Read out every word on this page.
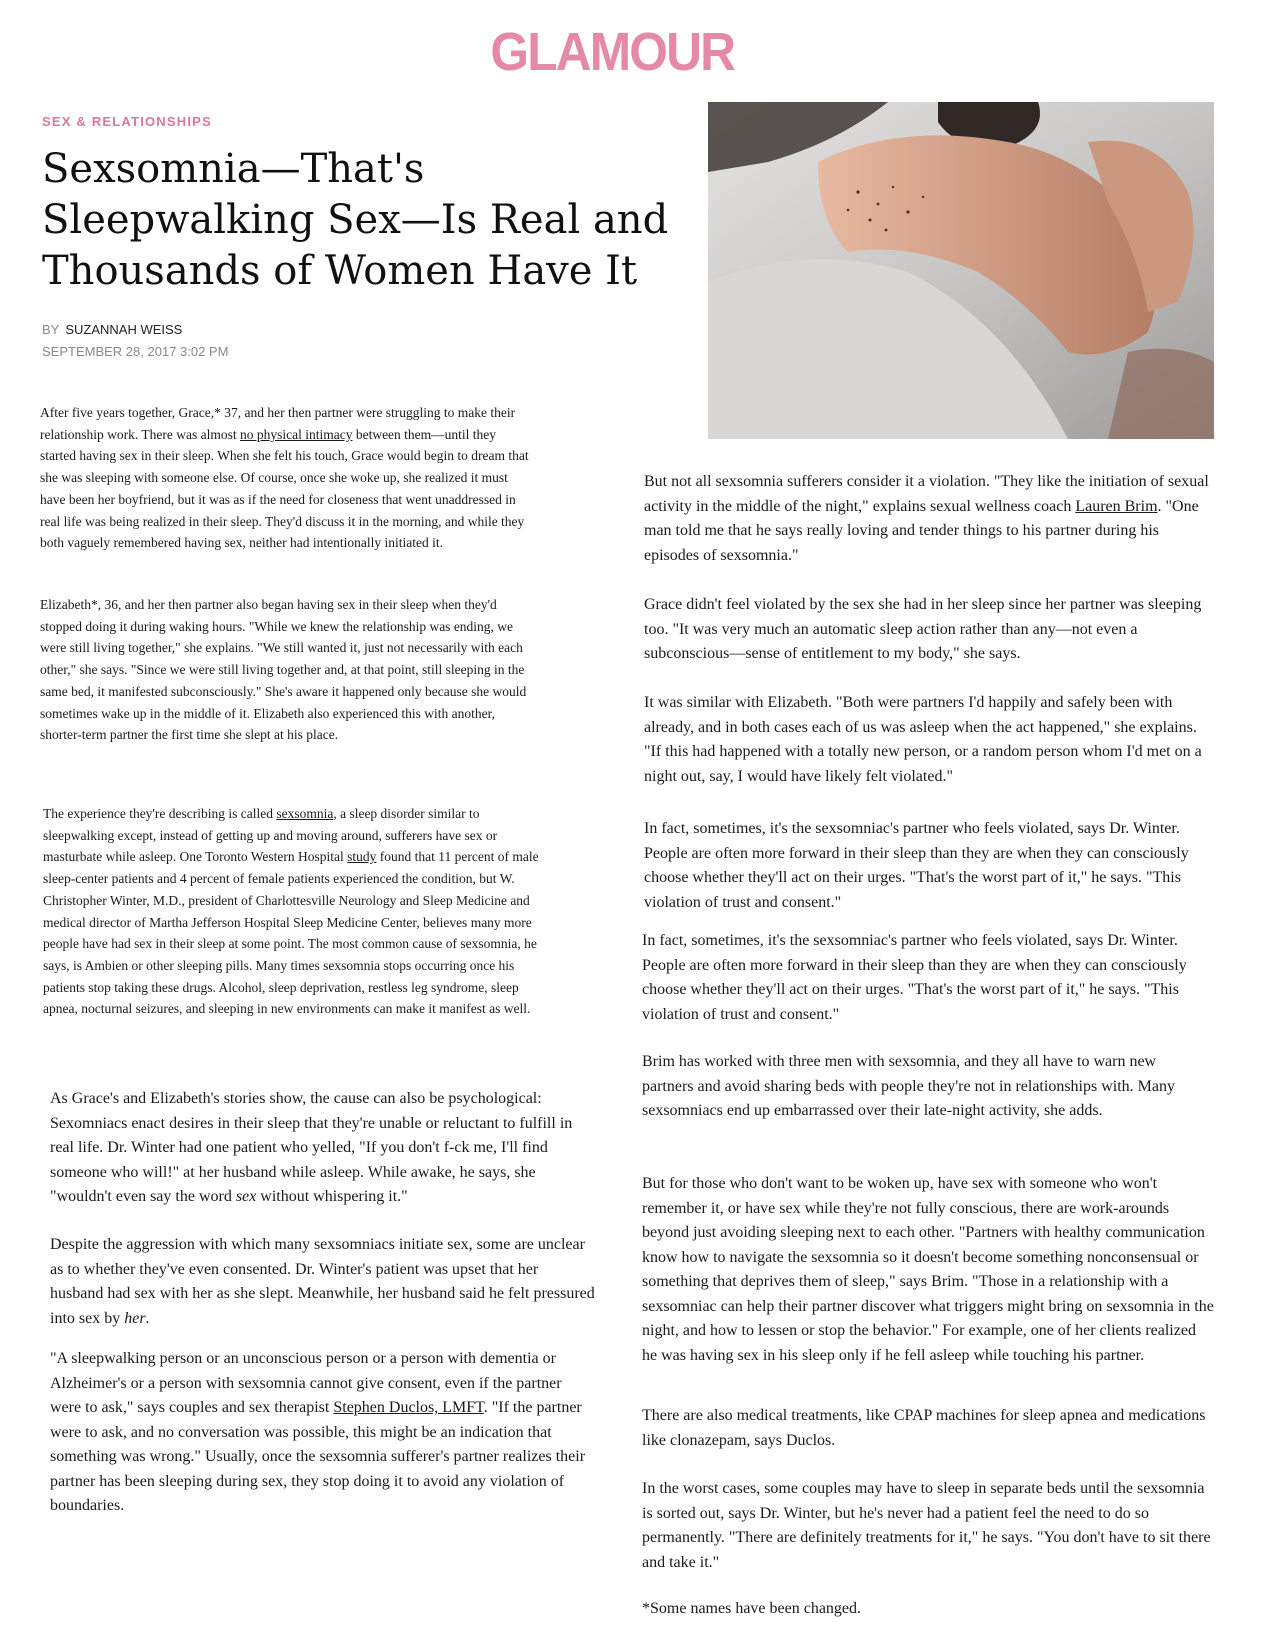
GLAMOUR
SEX & RELATIONSHIPS
Sexsomnia—That's Sleepwalking Sex—Is Real and Thousands of Women Have It
BY SUZANNAH WEISS
SEPTEMBER 28, 2017 3:02 PM

After five years together, Grace,* 37, and her then partner were struggling to make their relationship work. There was almost no physical intimacy between them—until they started having sex in their sleep. When she felt his touch, Grace would begin to dream that she was sleeping with someone else. Of course, once she woke up, she realized it must have been her boyfriend, but it was as if the need for closeness that went unaddressed in real life was being realized in their sleep. They'd discuss it in the morning, and while they both vaguely remembered having sex, neither had intentionally initiated it.

Elizabeth*, 36, and her then partner also began having sex in their sleep when they'd stopped doing it during waking hours. "While we knew the relationship was ending, we were still living together," she explains. "We still wanted it, just not necessarily with each other," she says. "Since we were still living together and, at that point, still sleeping in the same bed, it manifested subconsciously." She's aware it happened only because she would sometimes wake up in the middle of it. Elizabeth also experienced this with another, shorter-term partner the first time she slept at his place.

The experience they're describing is called sexsomnia, a sleep disorder similar to sleepwalking except, instead of getting up and moving around, sufferers have sex or masturbate while asleep. One Toronto Western Hospital study found that 11 percent of male sleep-center patients and 4 percent of female patients experienced the condition, but W. Christopher Winter, M.D., president of Charlottesville Neurology and Sleep Medicine and medical director of Martha Jefferson Hospital Sleep Medicine Center, believes many more people have had sex in their sleep at some point. The most common cause of sexsomnia, he says, is Ambien or other sleeping pills. Many times sexsomnia stops occurring once his patients stop taking these drugs. Alcohol, sleep deprivation, restless leg syndrome, sleep apnea, nocturnal seizures, and sleeping in new environments can make it manifest as well.

As Grace's and Elizabeth's stories show, the cause can also be psychological: Sexomniacs enact desires in their sleep that they're unable or reluctant to fulfill in real life. Dr. Winter had one patient who yelled, "If you don't f-ck me, I'll find someone who will!" at her husband while asleep. While awake, he says, she "wouldn't even say the word sex without whispering it."

Despite the aggression with which many sexsomniacs initiate sex, some are unclear as to whether they've even consented. Dr. Winter's patient was upset that her husband had sex with her as she slept. Meanwhile, her husband said he felt pressured into sex by her.

"A sleepwalking person or an unconscious person or a person with dementia or Alzheimer's or a person with sexsomnia cannot give consent, even if the partner were to ask," says couples and sex therapist Stephen Duclos, LMFT. "If the partner were to ask, and no conversation was possible, this might be an indication that something was wrong." Usually, once the sexsomnia sufferer's partner realizes their partner has been sleeping during sex, they stop doing it to avoid any violation of boundaries.

But not all sexsomnia sufferers consider it a violation. "They like the initiation of sexual activity in the middle of the night," explains sexual wellness coach Lauren Brim. "One man told me that he says really loving and tender things to his partner during his episodes of sexsomnia."

Grace didn't feel violated by the sex she had in her sleep since her partner was sleeping too. "It was very much an automatic sleep action rather than any—not even a subconscious—sense of entitlement to my body," she says.

It was similar with Elizabeth. "Both were partners I'd happily and safely been with already, and in both cases each of us was asleep when the act happened," she explains. "If this had happened with a totally new person, or a random person whom I'd met on a night out, say, I would have likely felt violated."

In fact, sometimes, it's the sexsomniac's partner who feels violated, says Dr. Winter. People are often more forward in their sleep than they are when they can consciously choose whether they'll act on their urges. "That's the worst part of it," he says. "This violation of trust and consent."

In fact, sometimes, it's the sexsomniac's partner who feels violated, says Dr. Winter. People are often more forward in their sleep than they are when they can consciously choose whether they'll act on their urges. "That's the worst part of it," he says. "This violation of trust and consent."

Brim has worked with three men with sexsomnia, and they all have to warn new partners and avoid sharing beds with people they're not in relationships with. Many sexsomniacs end up embarrassed over their late-night activity, she adds.

But for those who don't want to be woken up, have sex with someone who won't remember it, or have sex while they're not fully conscious, there are work-arounds beyond just avoiding sleeping next to each other. "Partners with healthy communication know how to navigate the sexsomnia so it doesn't become something nonconsensual or something that deprives them of sleep," says Brim. "Those in a relationship with a sexsomniac can help their partner discover what triggers might bring on sexsomnia in the night, and how to lessen or stop the behavior." For example, one of her clients realized he was having sex in his sleep only if he fell asleep while touching his partner.

There are also medical treatments, like CPAP machines for sleep apnea and medications like clonazepam, says Duclos.

In the worst cases, some couples may have to sleep in separate beds until the sexsomnia is sorted out, says Dr. Winter, but he's never had a patient feel the need to do so permanently. "There are definitely treatments for it," he says. "You don't have to sit there and take it."

*Some names have been changed.
